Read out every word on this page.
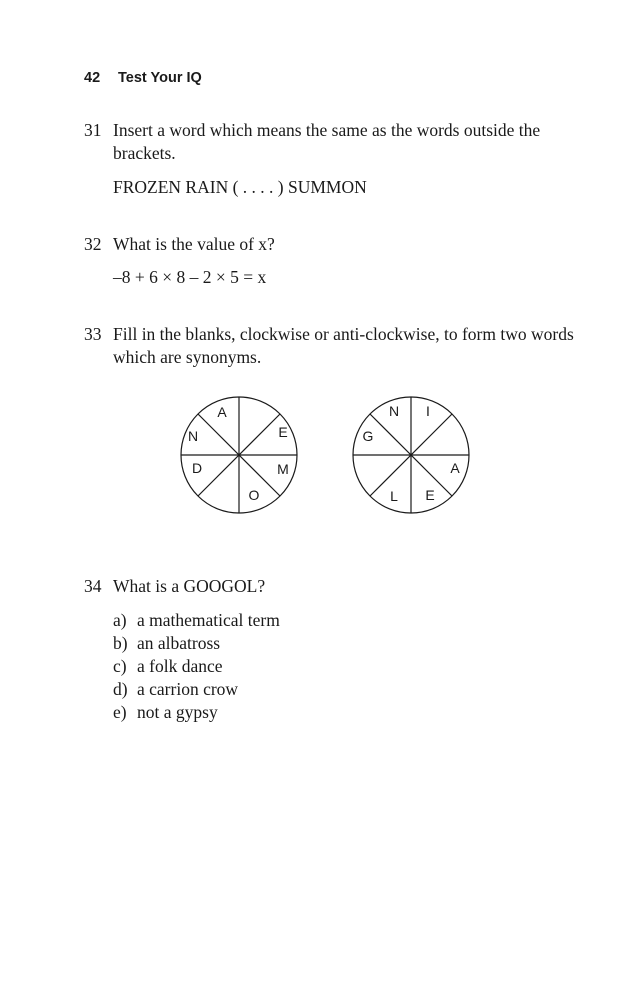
42 Test Your IQ
31 Insert a word which means the same as the words outside the brackets.
FROZEN RAIN ( . . . . ) SUMMON
32 What is the value of x?
–8 + 6 × 8 – 2 × 5 = x
33 Fill in the blanks, clockwise or anti-clockwise, to form two words which are synonyms.
A
E
M
O
D
N
N I
A
E
L
G
34 What is a GOOGOL?
a) a mathematical term
b) an albatross
c) a folk dance
d) a carrion crow
e) not a gypsy
